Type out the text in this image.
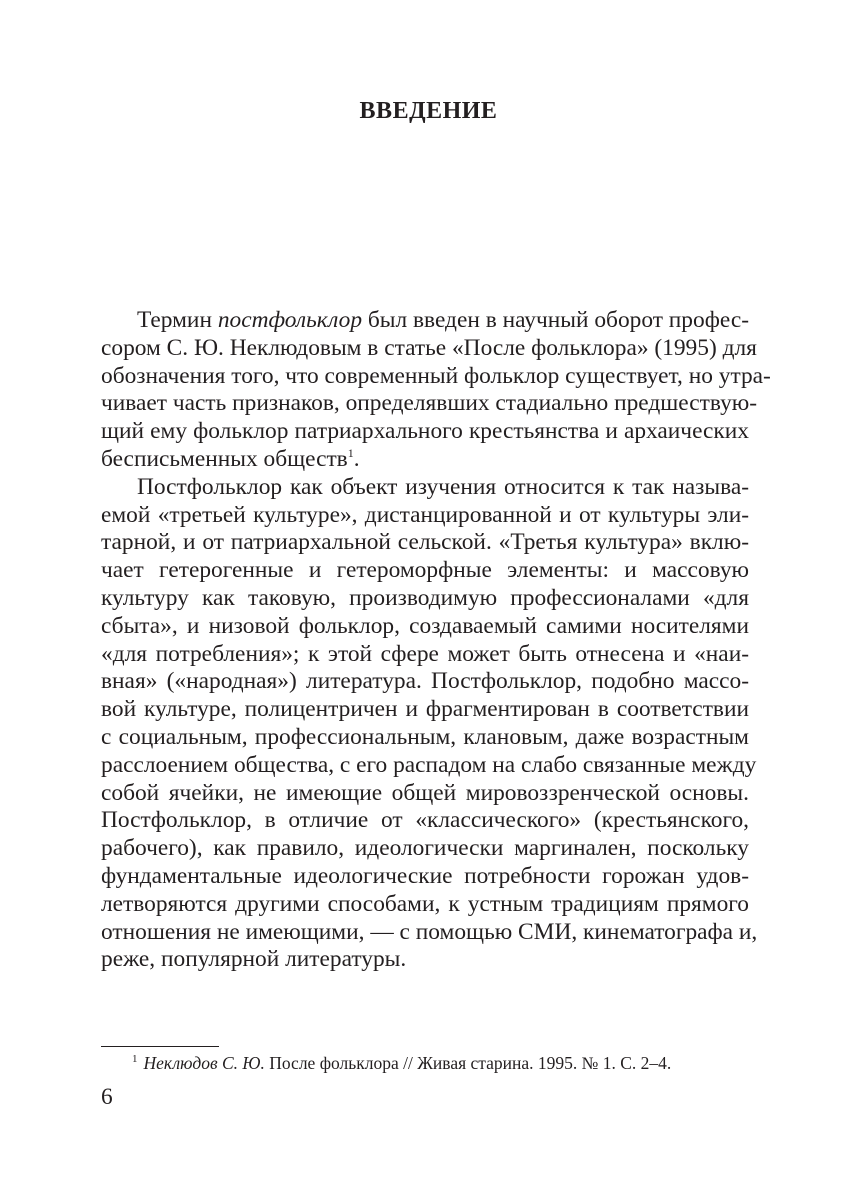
ВВЕДЕНИЕ
Термин постфольклор был введен в научный оборот профес-
сором С. Ю. Неклюдовым в статье «После фольклора» (1995) для
обозначения того, что современный фольклор существует, но утра-
чивает часть признаков, определявших стадиально предшествую-
щий ему фольклор патриархального крестьянства и архаических
бесписьменных обществ$^1$.
Постфольклор как объект изучения относится к так называ-
емой «третьей культуре», дистанцированной и от культуры эли-
тарной, и от патриархальной сельской. «Третья культура» вклю-
чает гетерогенные и гетероморфные элементы: и массовую
культуру как таковую, производимую профессионалами «для
сбыта», и низовой фольклор, создаваемый самими носителями
«для потребления»; к этой сфере может быть отнесена и «наи-
вная» («народная») литература. Постфольклор, подобно массо-
вой культуре, полицентричен и фрагментирован в соответствии
с социальным, профессиональным, клановым, даже возрастным
расслоением общества, с его распадом на слабо связанные между
собой ячейки, не имеющие общей мировоззренческой основы.
Постфольклор, в отличие от «классического» (крестьянского,
рабочего), как правило, идеологически маргинален, поскольку
фундаментальные идеологические потребности горожан удов-
летворяются другими способами, к устным традициям прямого
отношения не имеющими, — с помощью СМИ, кинематографа и,
реже, популярной литературы.
$^1$ Неклюдов С. Ю. После фольклора // Живая старина. 1995. № 1. С. 2–4.
6
